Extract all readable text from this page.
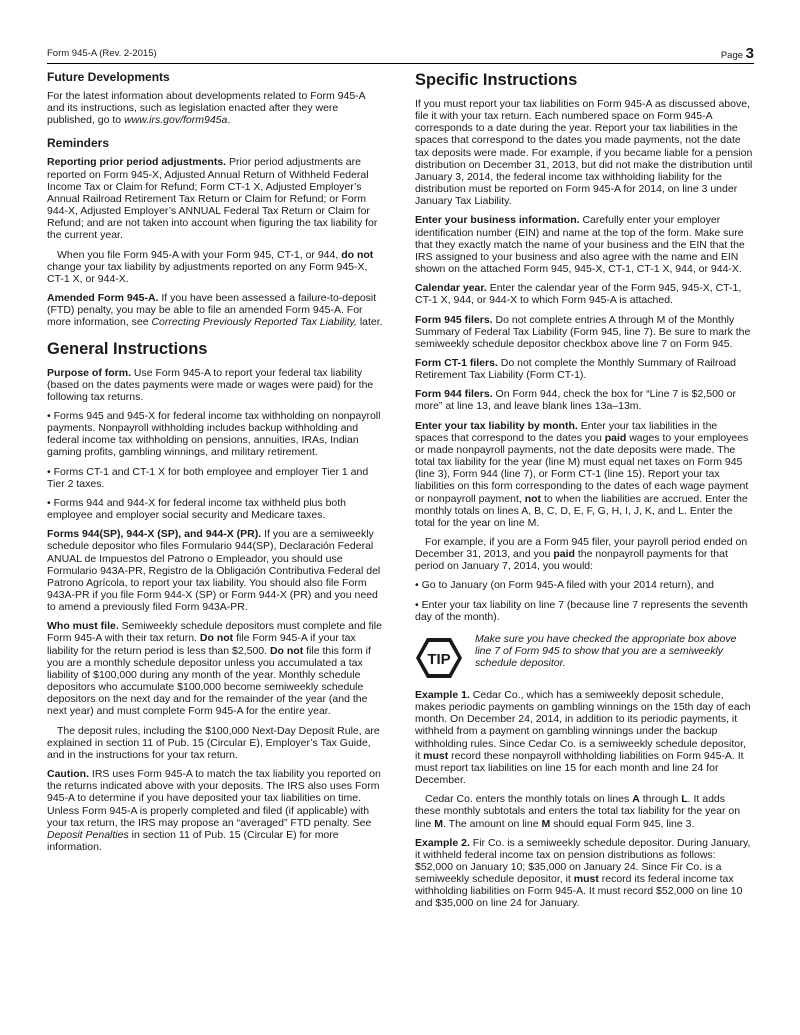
Form 945-A (Rev. 2-2015)	Page 3
Future Developments

For the latest information about developments related to Form 945-A and its instructions, such as legislation enacted after they were published, go to www.irs.gov/form945a.

Reminders

Reporting prior period adjustments. Prior period adjustments are reported on Form 945-X, Adjusted Annual Return of Withheld Federal Income Tax or Claim for Refund; Form CT-1 X, Adjusted Employer’s Annual Railroad Retirement Tax Return or Claim for Refund; or Form 944-X, Adjusted Employer’s ANNUAL Federal Tax Return or Claim for Refund; and are not taken into account when figuring the tax liability for the current year.

When you file Form 945-A with your Form 945, CT-1, or 944, do not change your tax liability by adjustments reported on any Form 945-X, CT-1 X, or 944-X.

Amended Form 945-A. If you have been assessed a failure-to-deposit (FTD) penalty, you may be able to file an amended Form 945-A. For more information, see Correcting Previously Reported Tax Liability, later.

General Instructions

Purpose of form. Use Form 945-A to report your federal tax liability (based on the dates payments were made or wages were paid) for the following tax returns.

• Forms 945 and 945-X for federal income tax withholding on nonpayroll payments. Nonpayroll withholding includes backup withholding and federal income tax withholding on pensions, annuities, IRAs, Indian gaming profits, gambling winnings, and military retirement.

• Forms CT-1 and CT-1 X for both employee and employer Tier 1 and Tier 2 taxes.

• Forms 944 and 944-X for federal income tax withheld plus both employee and employer social security and Medicare taxes.

Forms 944(SP), 944-X (SP), and 944-X (PR). If you are a semiweekly schedule depositor who files Formulario 944(SP), Declaración Federal ANUAL de Impuestos del Patrono o Empleador, you should use Formulario 943A-PR, Registro de la Obligación Contributiva Federal del Patrono Agrícola, to report your tax liability. You should also file Form 943A-PR if you file Form 944-X (SP) or Form 944-X (PR) and you need to amend a previously filed Form 943A-PR.

Who must file. Semiweekly schedule depositors must complete and file Form 945-A with their tax return. Do not file Form 945-A if your tax liability for the return period is less than $2,500. Do not file this form if you are a monthly schedule depositor unless you accumulated a tax liability of $100,000 during any month of the year. Monthly schedule depositors who accumulate $100,000 become semiweekly schedule depositors on the next day and for the remainder of the year (and the next year) and must complete Form 945-A for the entire year.

The deposit rules, including the $100,000 Next-Day Deposit Rule, are explained in section 11 of Pub. 15 (Circular E), Employer’s Tax Guide, and in the instructions for your tax return.

Caution. IRS uses Form 945-A to match the tax liability you reported on the returns indicated above with your deposits. The IRS also uses Form 945-A to determine if you have deposited your tax liabilities on time. Unless Form 945-A is properly completed and filed (if applicable) with your tax return, the IRS may propose an “averaged” FTD penalty. See Deposit Penalties in section 11 of Pub. 15 (Circular E) for more information.

Specific Instructions

If you must report your tax liabilities on Form 945-A as discussed above, file it with your tax return. Each numbered space on Form 945-A corresponds to a date during the year. Report your tax liabilities in the spaces that correspond to the dates you made payments, not the date tax deposits were made. For example, if you became liable for a pension distribution on December 31, 2013, but did not make the distribution until January 3, 2014, the federal income tax withholding liability for the distribution must be reported on Form 945-A for 2014, on line 3 under January Tax Liability.

Enter your business information. Carefully enter your employer identification number (EIN) and name at the top of the form. Make sure that they exactly match the name of your business and the EIN that the IRS assigned to your business and also agree with the name and EIN shown on the attached Form 945, 945-X, CT-1, CT-1 X, 944, or 944-X.

Calendar year. Enter the calendar year of the Form 945, 945-X, CT-1, CT-1 X, 944, or 944-X to which Form 945-A is attached.

Form 945 filers. Do not complete entries A through M of the Monthly Summary of Federal Tax Liability (Form 945, line 7). Be sure to mark the semiweekly schedule depositor checkbox above line 7 on Form 945.

Form CT-1 filers. Do not complete the Monthly Summary of Railroad Retirement Tax Liability (Form CT-1).

Form 944 filers. On Form 944, check the box for “Line 7 is $2,500 or more” at line 13, and leave blank lines 13a–13m.

Enter your tax liability by month. Enter your tax liabilities in the spaces that correspond to the dates you paid wages to your employees or made nonpayroll payments, not the date deposits were made. The total tax liability for the year (line M) must equal net taxes on Form 945 (line 3), Form 944 (line 7), or Form CT-1 (line 15). Report your tax liabilities on this form corresponding to the dates of each wage payment or nonpayroll payment, not to when the liabilities are accrued. Enter the monthly totals on lines A, B, C, D, E, F, G, H, I, J, K, and L. Enter the total for the year on line M.

For example, if you are a Form 945 filer, your payroll period ended on December 31, 2013, and you paid the nonpayroll payments for that period on January 7, 2014, you would:

• Go to January (on Form 945-A filed with your 2014 return), and

• Enter your tax liability on line 7 (because line 7 represents the seventh day of the month).

TIP
Make sure you have checked the appropriate box above line 7 of Form 945 to show that you are a semiweekly schedule depositor.

Example 1. Cedar Co., which has a semiweekly deposit schedule, makes periodic payments on gambling winnings on the 15th day of each month. On December 24, 2014, in addition to its periodic payments, it withheld from a payment on gambling winnings under the backup withholding rules. Since Cedar Co. is a semiweekly schedule depositor, it must record these nonpayroll withholding liabilities on Form 945-A. It must report tax liabilities on line 15 for each month and line 24 for December.

Cedar Co. enters the monthly totals on lines A through L. It adds these monthly subtotals and enters the total tax liability for the year on line M. The amount on line M should equal Form 945, line 3.

Example 2. Fir Co. is a semiweekly schedule depositor. During January, it withheld federal income tax on pension distributions as follows: $52,000 on January 10; $35,000 on January 24. Since Fir Co. is a semiweekly schedule depositor, it must record its federal income tax withholding liabilities on Form 945-A. It must record $52,000 on line 10 and $35,000 on line 24 for January.
